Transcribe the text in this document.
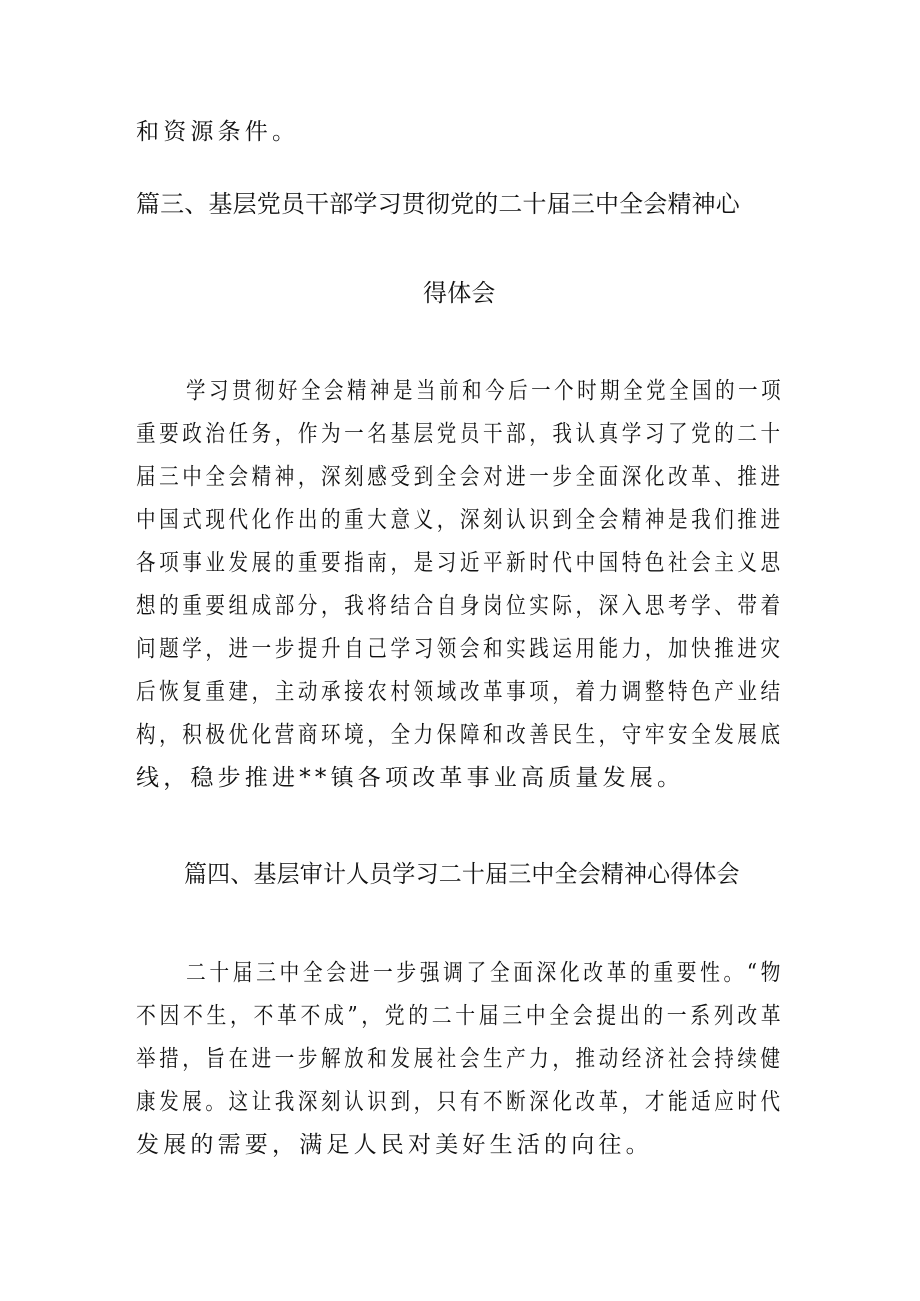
和资源条件。
篇三、基层党员干部学习贯彻党的二十届三中全会精神心
得体会
学习贯彻好全会精神是当前和今后一个时期全党全国的一项
重要政治任务，作为一名基层党员干部，我认真学习了党的二十
届三中全会精神，深刻感受到全会对进一步全面深化改革、推进
中国式现代化作出的重大意义，深刻认识到全会精神是我们推进
各项事业发展的重要指南，是习近平新时代中国特色社会主义思
想的重要组成部分，我将结合自身岗位实际，深入思考学、带着
问题学，进一步提升自己学习领会和实践运用能力，加快推进灾
后恢复重建，主动承接农村领域改革事项，着力调整特色产业结
构，积极优化营商环境，全力保障和改善民生，守牢安全发展底
线，稳步推进**镇各项改革事业高质量发展。
篇四、基层审计人员学习二十届三中全会精神心得体会
二十届三中全会进一步强调了全面深化改革的重要性。“物
不因不生，不革不成”，党的二十届三中全会提出的一系列改革
举措，旨在进一步解放和发展社会生产力，推动经济社会持续健
康发展。这让我深刻认识到，只有不断深化改革，才能适应时代
发展的需要，满足人民对美好生活的向往。
